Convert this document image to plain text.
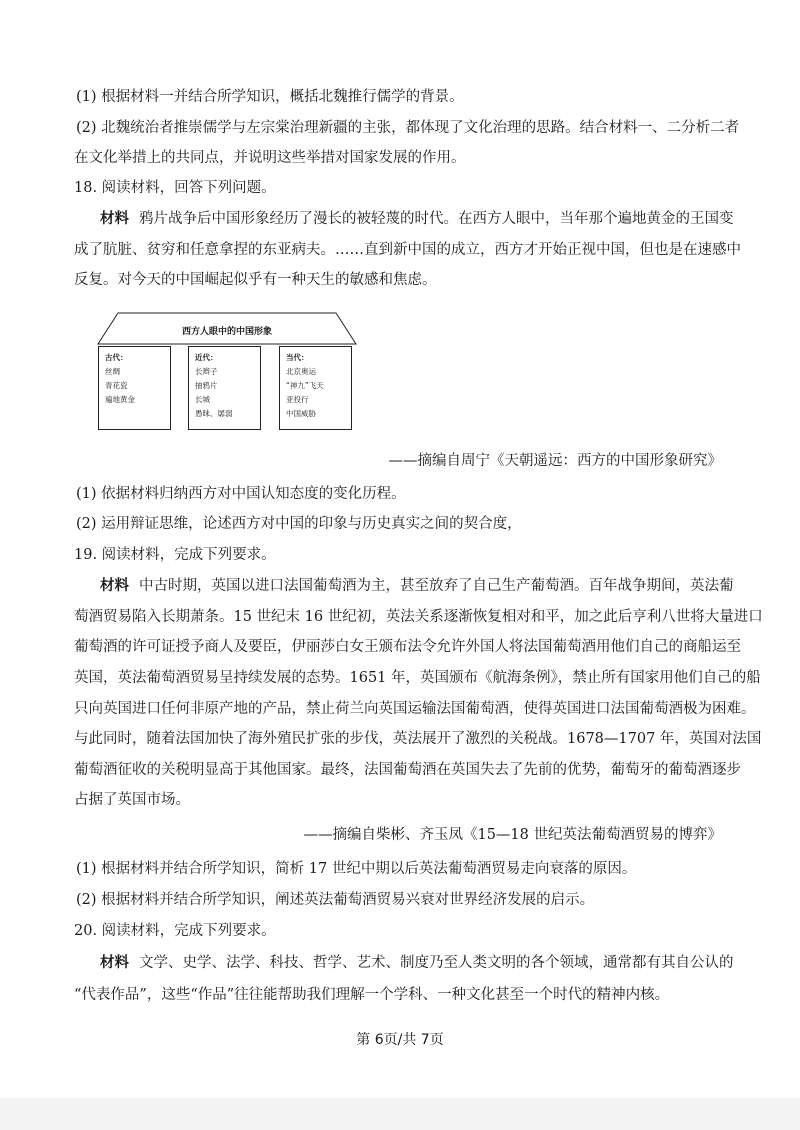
(1) 根据材料一并结合所学知识，概括北魏推行儒学的背景。
(2) 北魏统治者推崇儒学与左宗棠治理新疆的主张，都体现了文化治理的思路。结合材料一、二分析二者
在文化举措上的共同点，并说明这些举措对国家发展的作用。
18. 阅读材料，回答下列问题。
材料 鸦片战争后中国形象经历了漫长的被轻蔑的时代。在西方人眼中，当年那个遍地黄金的王国变
成了肮脏、贫穷和任意拿捏的东亚病夫。……直到新中国的成立，西方才开始正视中国，但也是在速感中
反复。对今天的中国崛起似乎有一种天生的敏感和焦虑。
西方人眼中的中国形象
古代：
丝绸
青花瓷
遍地黄金
近代：
长辫子
抽鸦片
长城
愚昧、孱弱
当代：
北京奥运
“神九”飞天
亚投行
中国威胁
——摘编自周宁《天朝遥远：西方的中国形象研究》
(1) 依据材料归纳西方对中国认知态度的变化历程。
(2) 运用辩证思维，论述西方对中国的印象与历史真实之间的契合度，
19. 阅读材料，完成下列要求。
材料 中古时期，英国以进口法国葡萄酒为主，甚至放弃了自己生产葡萄酒。百年战争期间，英法葡
萄酒贸易陷入长期萧条。15 世纪末 16 世纪初，英法关系逐渐恢复相对和平，加之此后亨利八世将大量进口
葡萄酒的许可证授予商人及要臣，伊丽莎白女王颁布法令允许外国人将法国葡萄酒用他们自己的商船运至
英国，英法葡萄酒贸易呈持续发展的态势。1651 年，英国颁布《航海条例》，禁止所有国家用他们自己的船
只向英国进口任何非原产地的产品，禁止荷兰向英国运输法国葡萄酒，使得英国进口法国葡萄酒极为困难。
与此同时，随着法国加快了海外殖民扩张的步伐，英法展开了激烈的关税战。1678—1707 年，英国对法国
葡萄酒征收的关税明显高于其他国家。最终，法国葡萄酒在英国失去了先前的优势，葡萄牙的葡萄酒逐步
占据了英国市场。
——摘编自柴彬、齐玉凤《15—18 世纪英法葡萄酒贸易的博弈》
(1) 根据材料并结合所学知识，简析 17 世纪中期以后英法葡萄酒贸易走向衰落的原因。
(2) 根据材料并结合所学知识，阐述英法葡萄酒贸易兴衰对世界经济发展的启示。
20. 阅读材料，完成下列要求。
材料 文学、史学、法学、科技、哲学、艺术、制度乃至人类文明的各个领域，通常都有其自公认的
“代表作品”，这些“作品”往往能帮助我们理解一个学科、一种文化甚至一个时代的精神内核。
第 6页/共 7页
